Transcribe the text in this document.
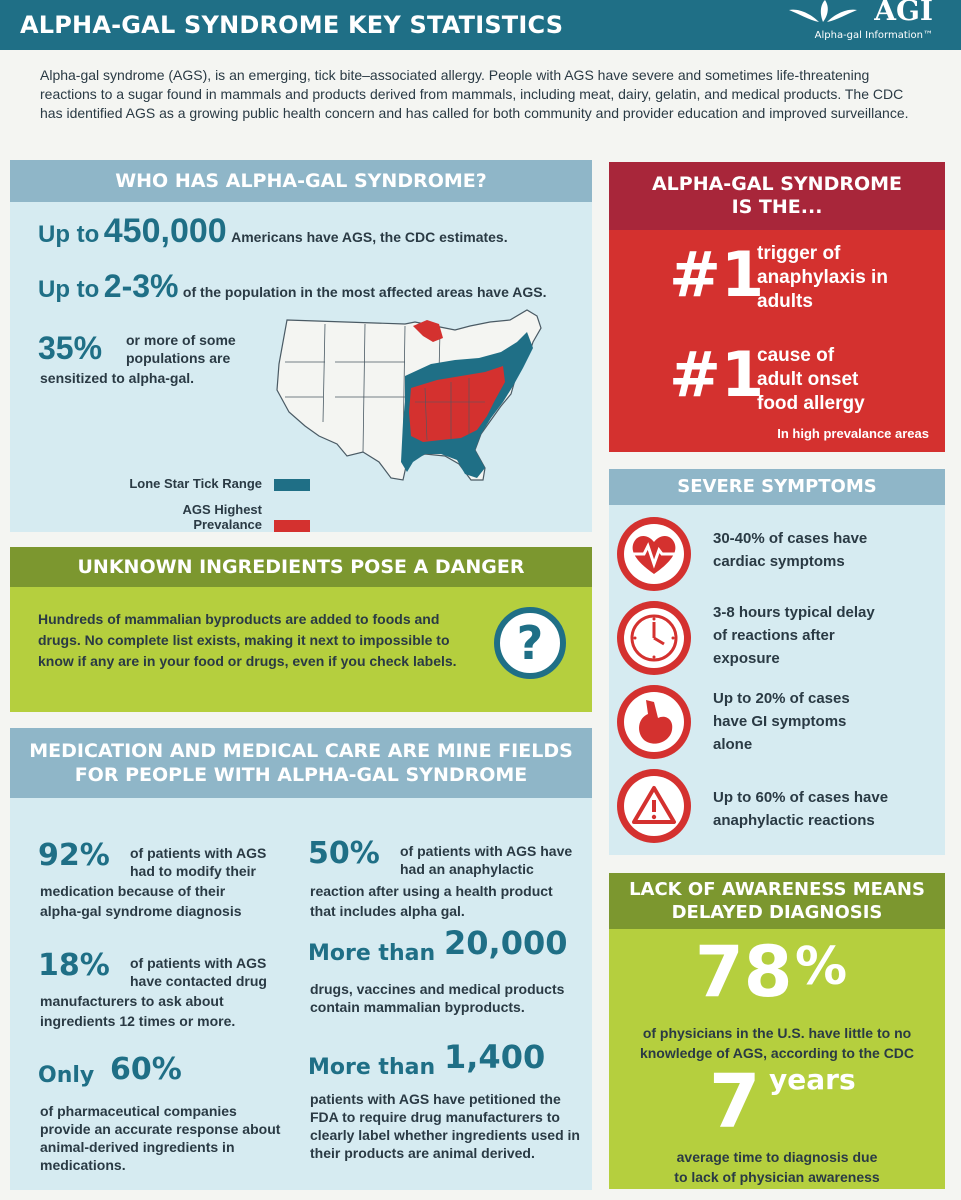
ALPHA-GAL SYNDROME KEY STATISTICS	AGI
Alpha-gal Information™
Alpha-gal syndrome (AGS), is an emerging, tick bite–associated allergy. People with AGS have severe and sometimes life-threatening reactions to a sugar found in mammals and products derived from mammals, including meat, dairy, gelatin, and medical products. The CDC has identified AGS as a growing public health concern and has called for both community and provider education and improved surveillance.
WHO HAS ALPHA-GAL SYNDROME?
Up to 450,000 Americans have AGS, the CDC estimates.
Up to 2-3% of the population in the most affected areas have AGS.
35% or more of some
populations are
sensitized to alpha-gal.
Lone Star Tick Range
AGS Highest Prevalance
UNKNOWN INGREDIENTS POSE A DANGER
Hundreds of mammalian byproducts are added to foods and drugs. No complete list exists, making it next to impossible to know if any are in your food or drugs, even if you check labels.	?
MEDICATION AND MEDICAL CARE ARE MINE FIELDS
FOR PEOPLE WITH ALPHA-GAL SYNDROME
92% of patients with AGS
had to modify their
medication because of their
alpha-gal syndrome diagnosis
18% of patients with AGS
have contacted drug
manufacturers to ask about
ingredients 12 times or more.
Only 60%
of pharmaceutical companies
provide an accurate response about
animal-derived ingredients in
medications.
50% of patients with AGS have
had an anaphylactic
reaction after using a health product
that includes alpha gal.
More than 20,000
drugs, vaccines and medical products
contain mammalian byproducts.
More than 1,400
patients with AGS have petitioned the
FDA to require drug manufacturers to
clearly label whether ingredients used in
their products are animal derived.
ALPHA-GAL SYNDROME
IS THE...
#1
trigger of
anaphylaxis in
adults
#1
cause of
adult onset
food allergy
In high prevalance areas
SEVERE SYMPTOMS
30-40% of cases have
cardiac symptoms
3-8 hours typical delay
of reactions after
exposure
Up to 20% of cases
have GI symptoms
alone
Up to 60% of cases have
anaphylactic reactions
LACK OF AWARENESS MEANS
DELAYED DIAGNOSIS
78 %
of physicians in the U.S. have little to no
knowledge of AGS, according to the CDC
7 years
average time to diagnosis due
to lack of physician awareness
